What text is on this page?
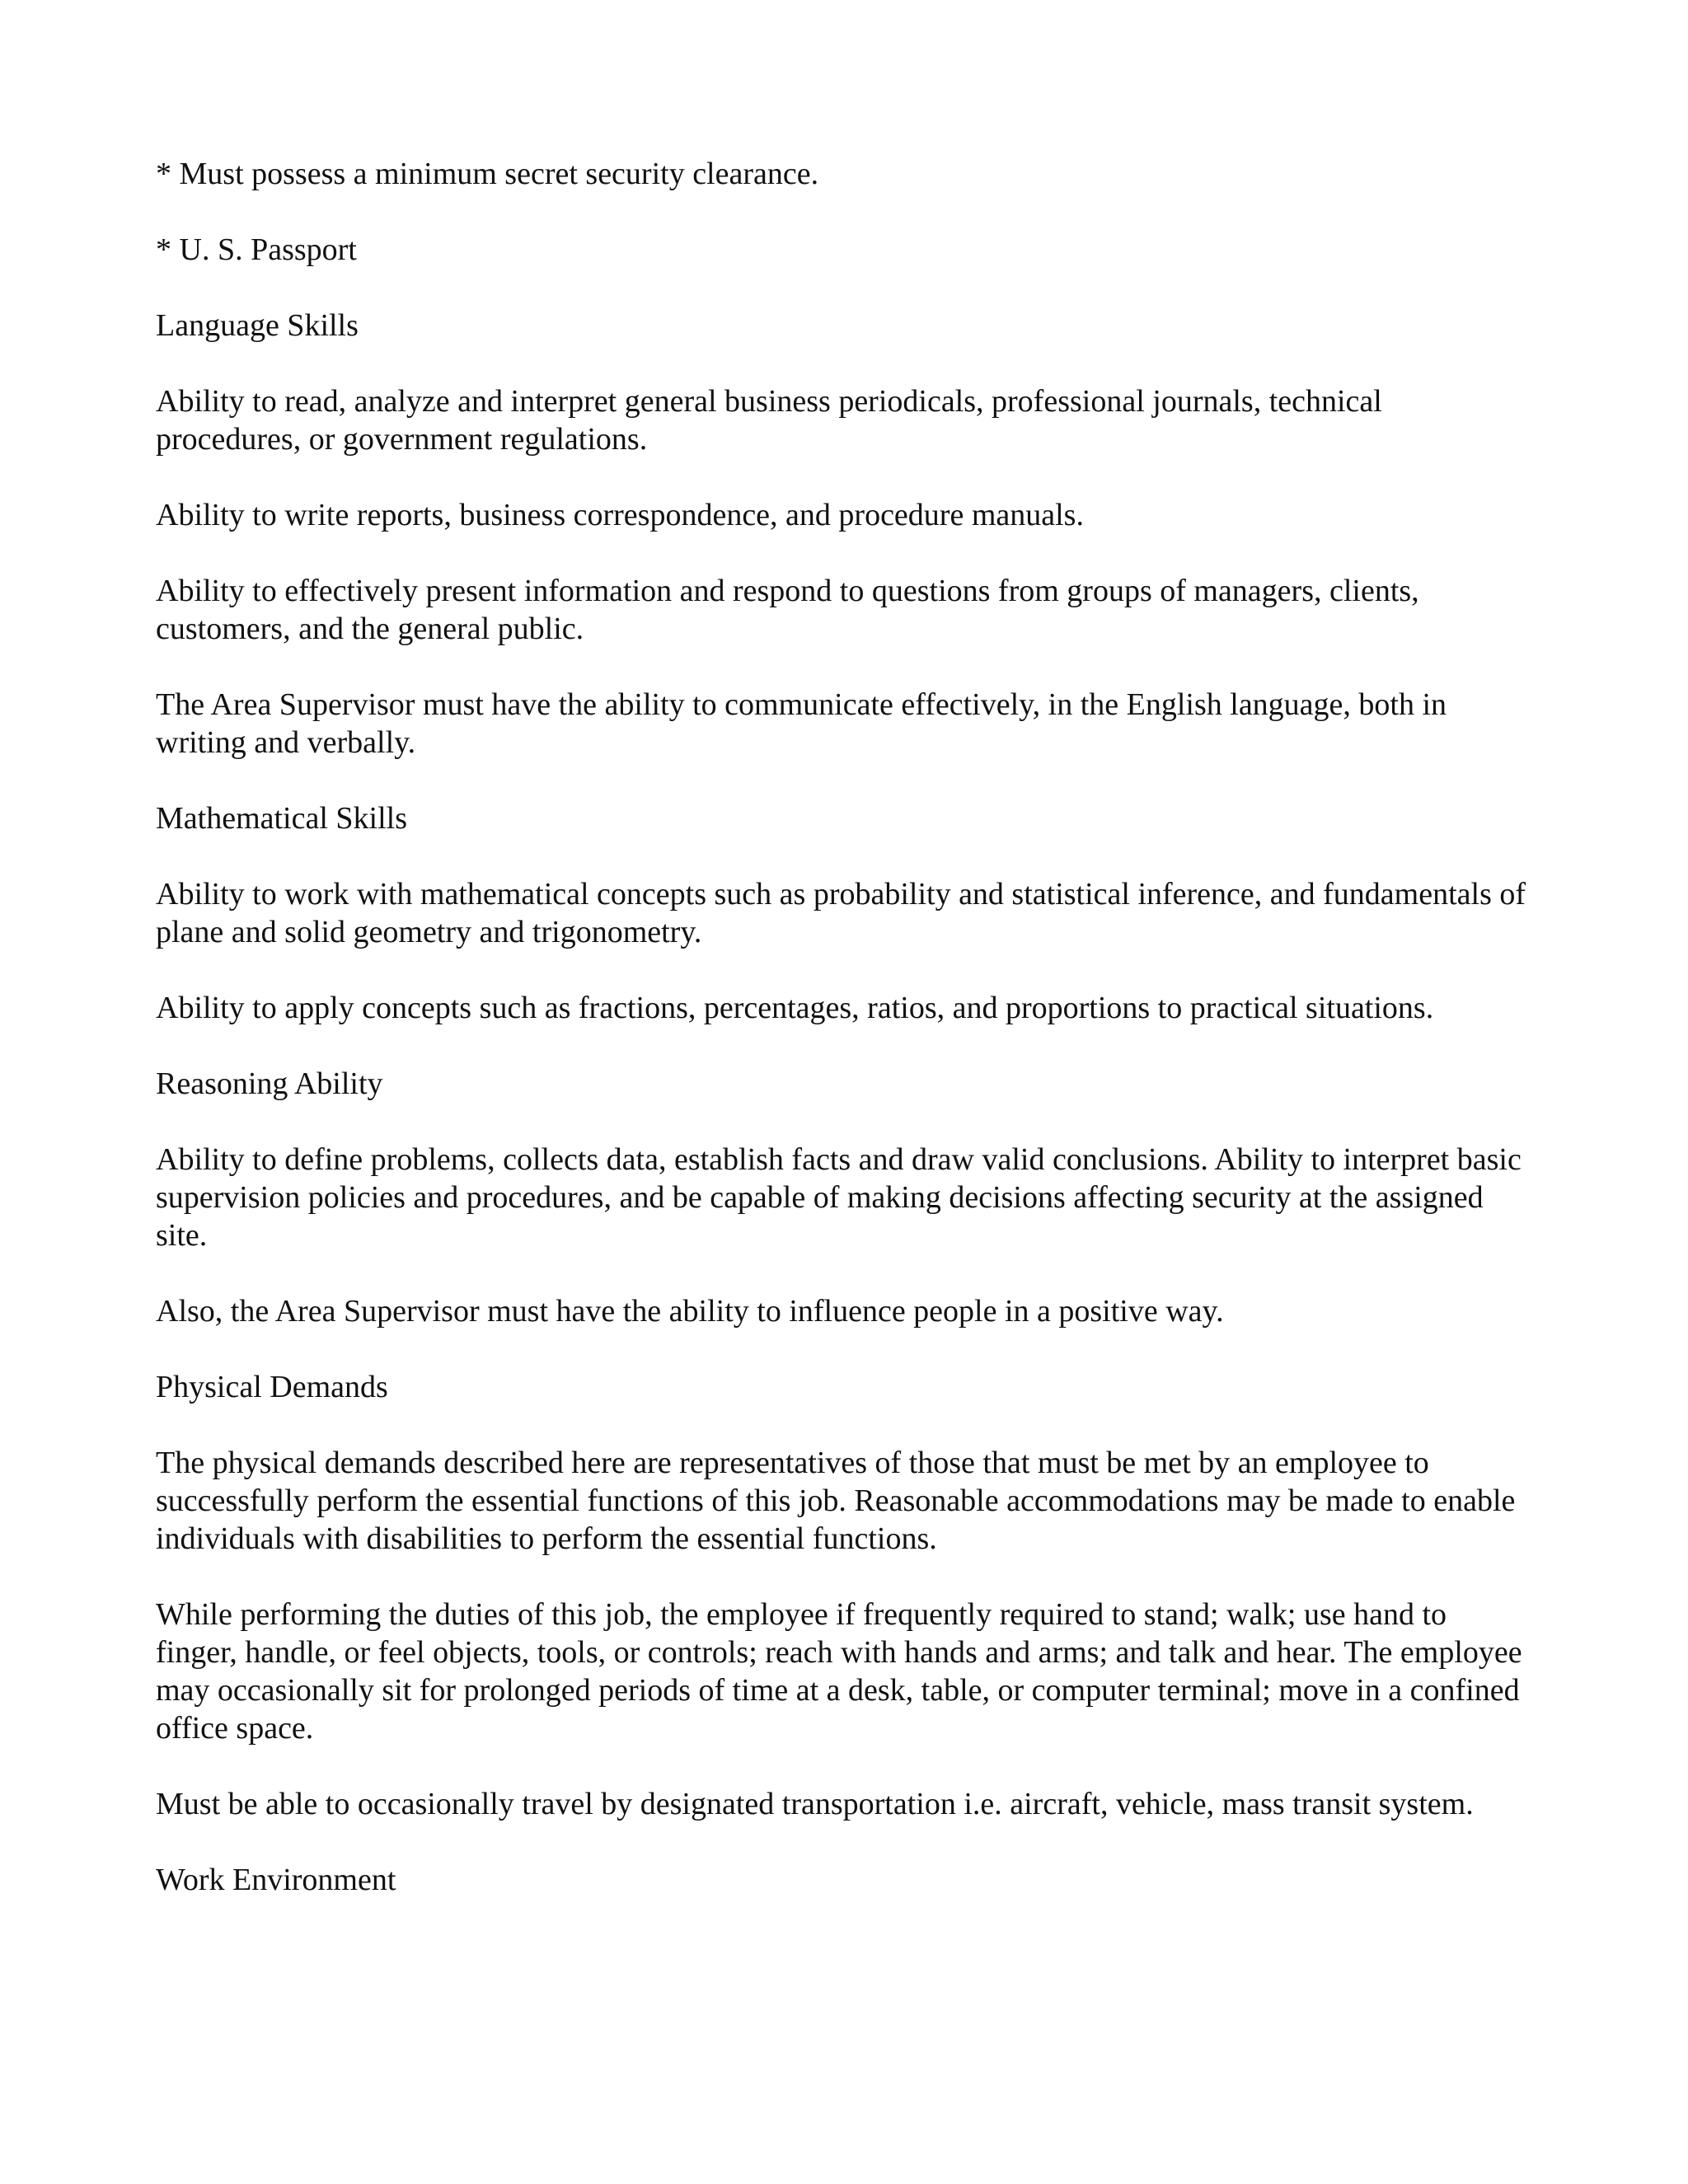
* Must possess a minimum secret security clearance.

* U. S. Passport

Language Skills

Ability to read, analyze and interpret general business periodicals, professional journals, technical procedures, or government regulations.

Ability to write reports, business correspondence, and procedure manuals.

Ability to effectively present information and respond to questions from groups of managers, clients, customers, and the general public.

The Area Supervisor must have the ability to communicate effectively, in the English language, both in writing and verbally.

Mathematical Skills

Ability to work with mathematical concepts such as probability and statistical inference, and fundamentals of plane and solid geometry and trigonometry.

Ability to apply concepts such as fractions, percentages, ratios, and proportions to practical situations.

Reasoning Ability

Ability to define problems, collects data, establish facts and draw valid conclusions. Ability to interpret basic supervision policies and procedures, and be capable of making decisions affecting security at the assigned site.

Also, the Area Supervisor must have the ability to influence people in a positive way.

Physical Demands

The physical demands described here are representatives of those that must be met by an employee to successfully perform the essential functions of this job. Reasonable accommodations may be made to enable individuals with disabilities to perform the essential functions.

While performing the duties of this job, the employee if frequently required to stand; walk; use hand to finger, handle, or feel objects, tools, or controls; reach with hands and arms; and talk and hear. The employee may occasionally sit for prolonged periods of time at a desk, table, or computer terminal; move in a confined office space.

Must be able to occasionally travel by designated transportation i.e. aircraft, vehicle, mass transit system.

Work Environment
